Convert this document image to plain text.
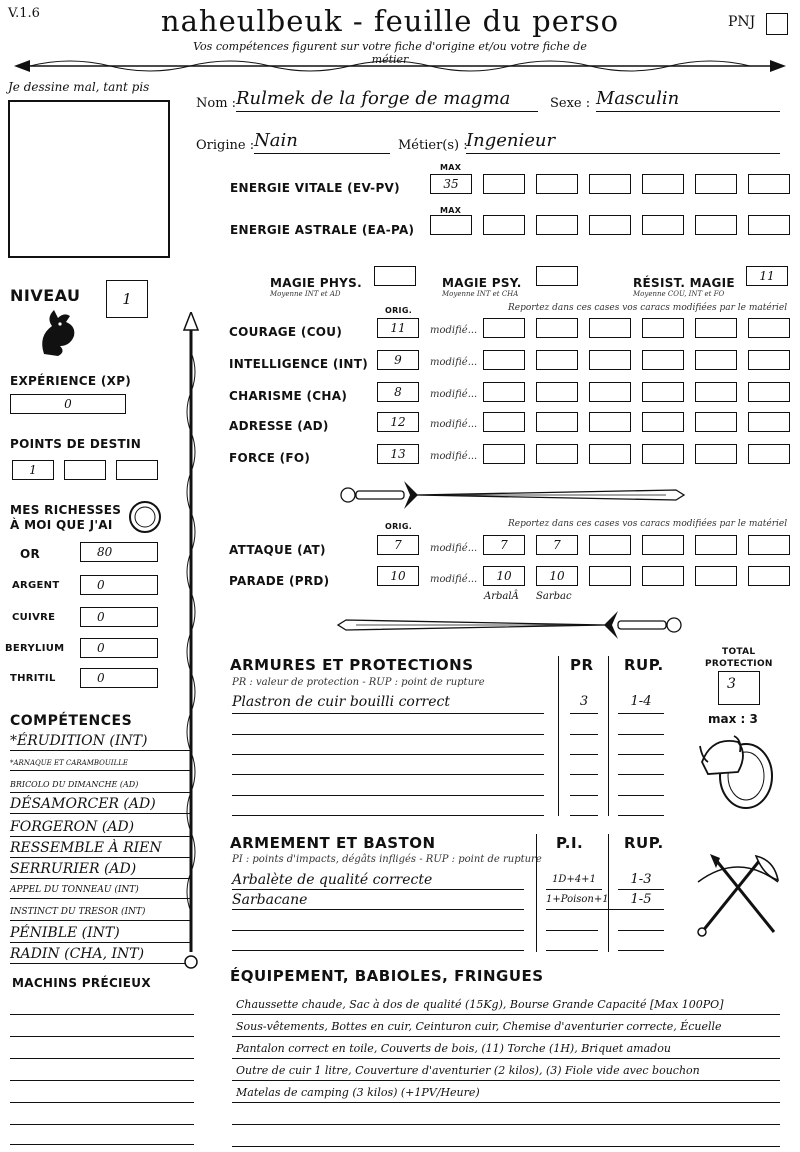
V.1.6	naheulbeuk - feuille du perso
Vos compétences figurent sur votre fiche d'origine et/ou votre fiche de métier
PNJ
Je dessine mal, tant pis
Nom : Rulmek de la forge de magma	Sexe : Masculin
Origine : Nain	Métier(s) :
Ingenieur
MAX
ENERGIE VITALE (EV-PV)	35
MAX
ENERGIE ASTRALE (EA-PA)
MAGIE PHYS.
Moyenne INT et AD
MAGIE PSY.
Moyenne INT et CHA
RÉSIST. MAGIE
Moyenne COU, INT et FO
11
NIVEAU	1
EXPÉRIENCE (XP)
0
POINTS DE DESTIN
1
MES RICHESSES
À MOI QUE J'AI
OR	80
ARGENT	0
CUIVRE	0
BERYLIUM	0
THRITIL	0
COMPÉTENCES
*ÉRUDITION (INT)
*ARNAQUE ET CARAMBOUILLE
BRICOLO DU DIMANCHE (AD)
DÉSAMORCER (AD)
FORGERON (AD)
RESSEMBLE À RIEN
SERRURIER (AD)
APPEL DU TONNEAU (INT)
INSTINCT DU TRESOR (INT)
PÉNIBLE (INT)
RADIN (CHA, INT)
MACHINS PRÉCIEUX
ORIG.	Reportez dans ces cases vos caracs modifiées par le matériel
COURAGE (COU)	11	modifié...
INTELLIGENCE (INT)	9	modifié...
CHARISME (CHA)	8	modifié...
ADRESSE (AD)	12	modifié...
FORCE (FO)	13	modifié...
ORIG.	Reportez dans ces cases vos caracs modifiées par le matériel
ATTAQUE (AT)	7	modifié...	7	7
PARADE (PRD)	10	modifié...	10	10
ArbalÂ Sarbac
ARMURES ET PROTECTIONS
PR : valeur de protection - RUP : point de rupture
PR RUP.
Plastron de cuir bouilli correct	3	1-4
TOTAL
PROTECTION
3
max : 3
ARMEMENT ET BASTON
PI : points d'impacts, dégâts infligés - RUP : point de rupture
P.I.	RUP.
Arbalète de qualité correcte	1D+4+1	1-3
Sarbacane	1+Poison+1	1-5
ÉQUIPEMENT, BABIOLES, FRINGUES
Chaussette chaude, Sac à dos de qualité (15Kg), Bourse Grande Capacité [Max 100PO]
Sous-vêtements, Bottes en cuir, Ceinturon cuir, Chemise d'aventurier correcte, Écuelle
Pantalon correct en toile, Couverts de bois, (11) Torche (1H), Briquet amadou
Outre de cuir 1 litre, Couverture d'aventurier (2 kilos), (3) Fiole vide avec bouchon
Matelas de camping (3 kilos) (+1PV/Heure)
